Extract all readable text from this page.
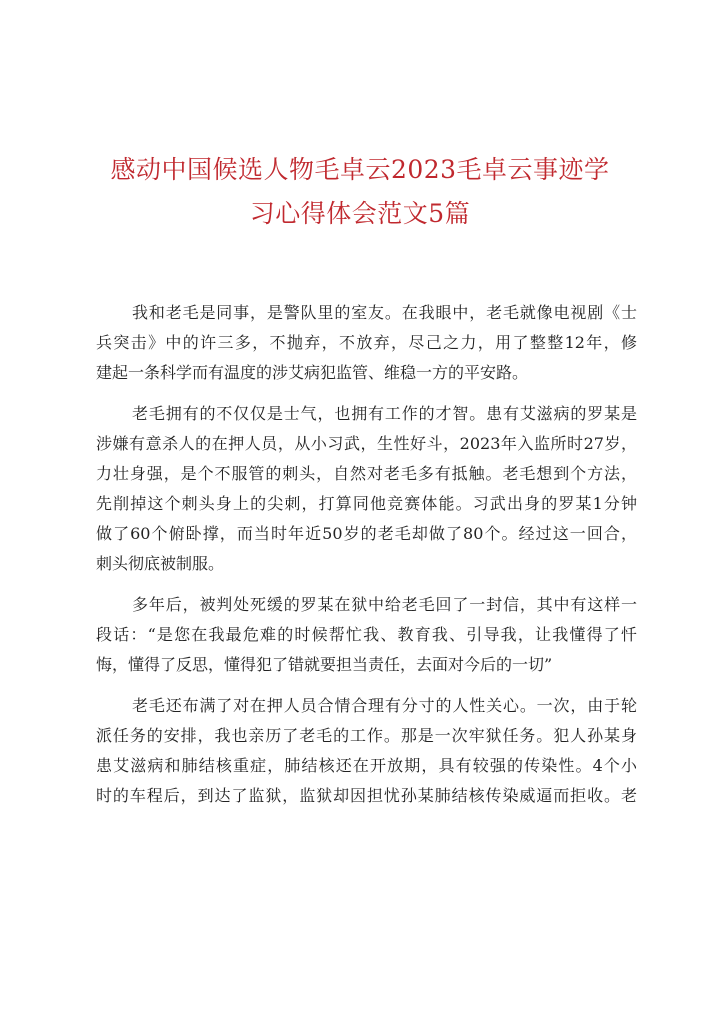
感动中国候选人物毛卓云2023毛卓云事迹学
习心得体会范文5篇

我和老毛是同事，是警队里的室友。在我眼中，老毛就像电视剧《士
兵突击》中的许三多，不抛弃，不放弃，尽己之力，用了整整12年，修
建起一条科学而有温度的涉艾病犯监管、维稳一方的平安路。

老毛拥有的不仅仅是士气，也拥有工作的才智。患有艾滋病的罗某是
涉嫌有意杀人的在押人员，从小习武，生性好斗，2023年入监所时27岁，
力壮身强，是个不服管的刺头，自然对老毛多有抵触。老毛想到个方法，
先削掉这个刺头身上的尖刺，打算同他竞赛体能。习武出身的罗某1分钟
做了60个俯卧撑，而当时年近50岁的老毛却做了80个。经过这一回合，
刺头彻底被制服。

多年后，被判处死缓的罗某在狱中给老毛回了一封信，其中有这样一
段话：“是您在我最危难的时候帮忙我、教育我、引导我，让我懂得了忏
悔，懂得了反思，懂得犯了错就要担当责任，去面对今后的一切”

老毛还布满了对在押人员合情合理有分寸的人性关心。一次，由于轮
派任务的安排，我也亲历了老毛的工作。那是一次牢狱任务。犯人孙某身
患艾滋病和肺结核重症，肺结核还在开放期，具有较强的传染性。4个小
时的车程后，到达了监狱，监狱却因担忧孙某肺结核传染威逼而拒收。老
